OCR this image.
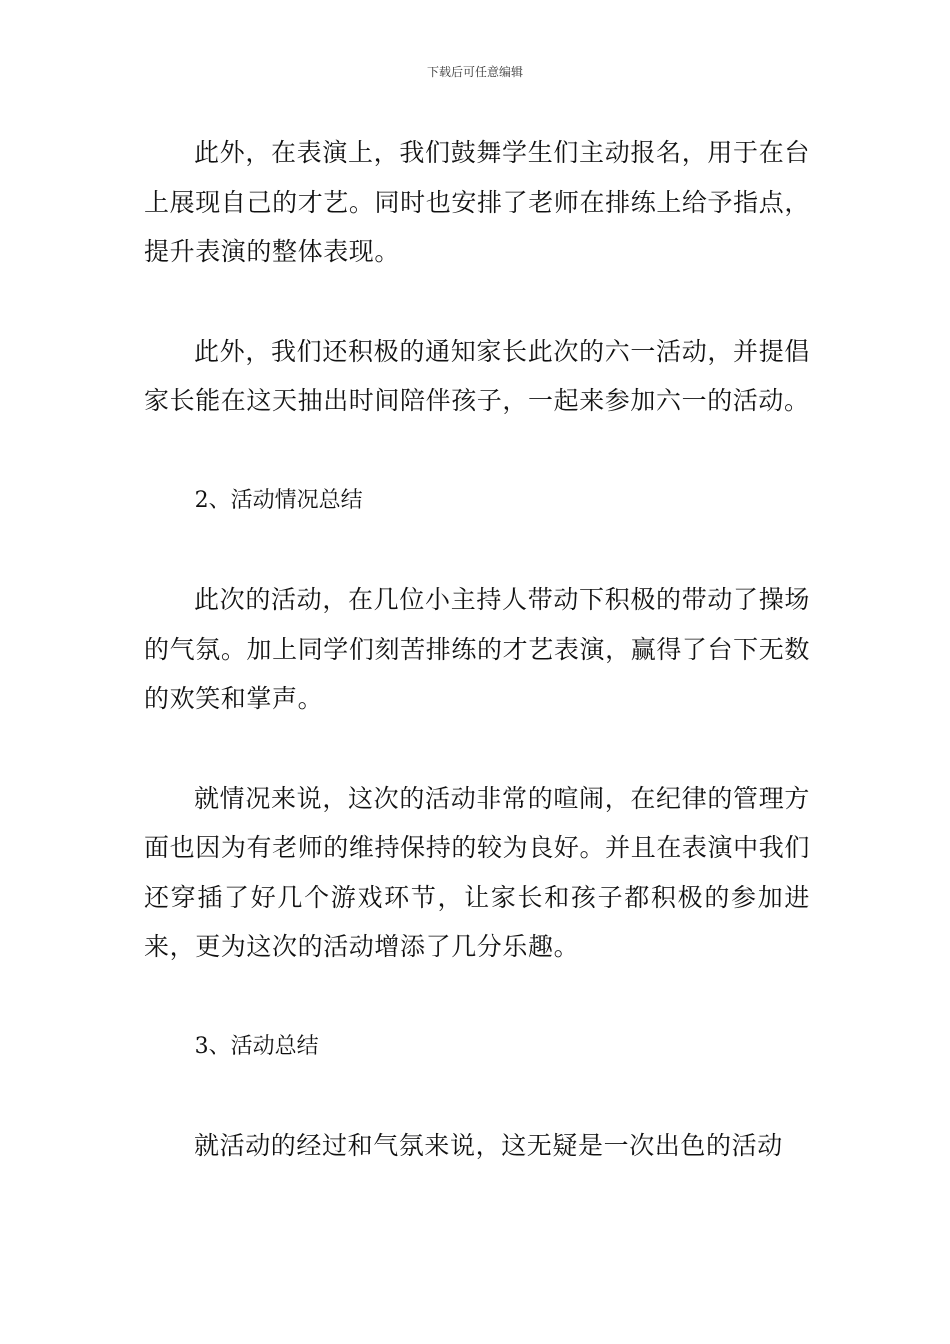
下载后可任意编辑

此外，在表演上，我们鼓舞学生们主动报名，用于在台上展现自己的才艺。同时也安排了老师在排练上给予指点，提升表演的整体表现。

此外，我们还积极的通知家长此次的六一活动，并提倡家长能在这天抽出时间陪伴孩子，一起来参加六一的活动。

2、活动情况总结

此次的活动，在几位小主持人带动下积极的带动了操场的气氛。加上同学们刻苦排练的才艺表演，赢得了台下无数的欢笑和掌声。

就情况来说，这次的活动非常的喧闹，在纪律的管理方面也因为有老师的维持保持的较为良好。并且在表演中我们还穿插了好几个游戏环节，让家长和孩子都积极的参加进来，更为这次的活动增添了几分乐趣。

3、活动总结

就活动的经过和气氛来说，这无疑是一次出色的活动
